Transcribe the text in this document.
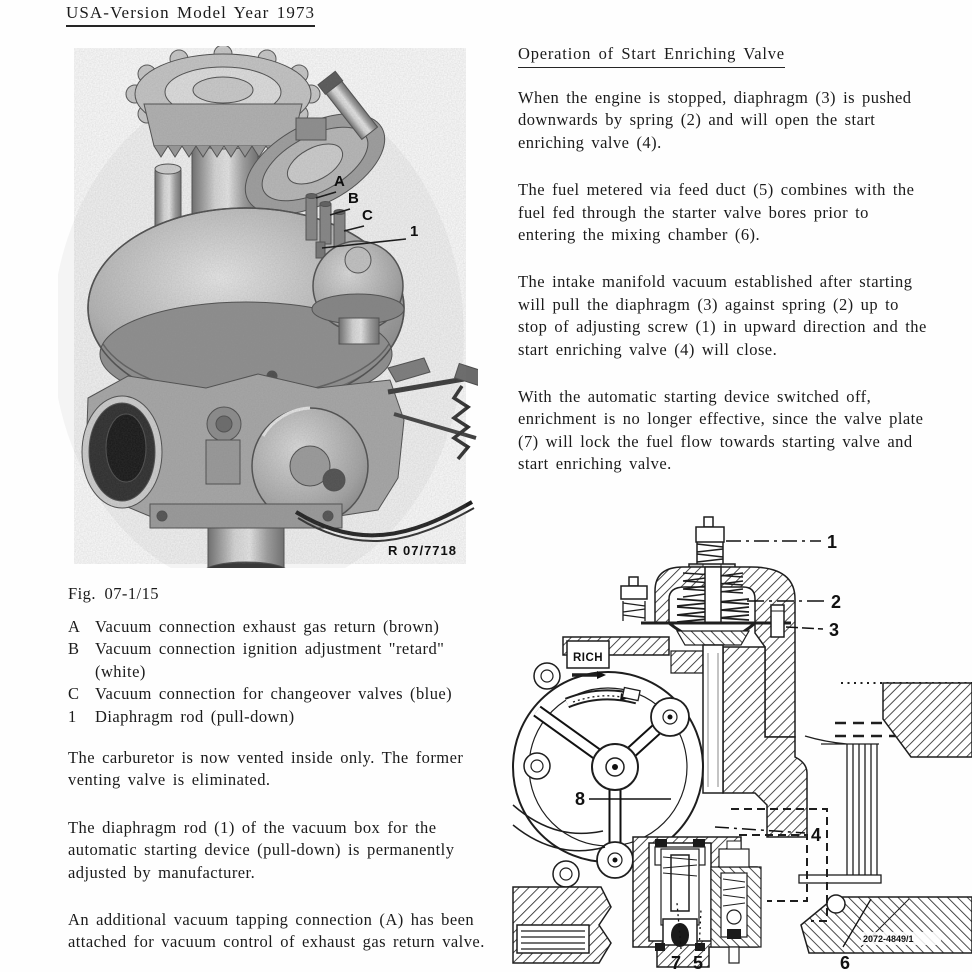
USA-Version Model Year 1973
A
B
C
1
R 07/7718
Fig. 07-1/15
A Vacuum connection exhaust gas return (brown)
B Vacuum connection ignition adjustment "retard" (white)
C Vacuum connection for changeover valves (blue)
1	Diaphragm rod (pull-down)

The carburetor is now vented inside only. The former venting valve is eliminated.

The diaphragm rod (1) of the vacuum box for the automatic starting device (pull-down) is permanently adjusted by manufacturer.

An additional vacuum tapping connection (A) has been attached for vacuum control of exhaust gas return valve.

Operation of Start Enriching Valve

When the engine is stopped, diaphragm (3) is pushed downwards by spring (2) and will open the start enriching valve (4).

The fuel metered via feed duct (5) combines with the fuel fed through the starter valve bores prior to entering the mixing chamber (6).

The intake manifold vacuum established after starting will pull the diaphragm (3) against spring (2) up to stop of adjusting screw (1) in upward direction and the start enriching valve (4) will close.

With the automatic starting device switched off, enrichment is no longer effective, since the valve plate (7) will lock the fuel flow towards starting valve and start enriching valve.

RICH
1
2
3
4
5	6
7
8
2072-4849/1
